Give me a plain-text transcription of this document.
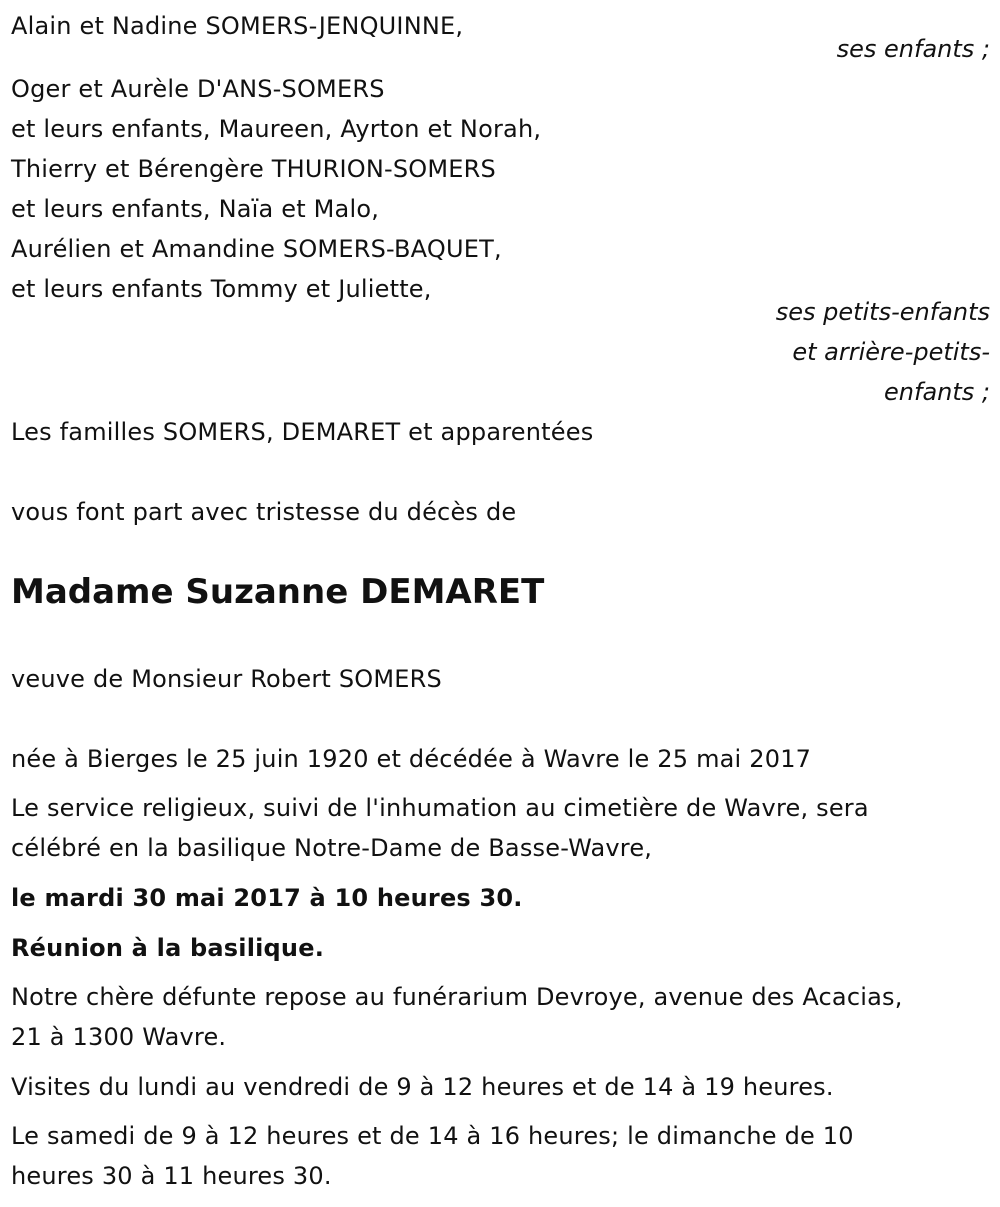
Alain et Nadine SOMERS-JENQUINNE,
ses enfants ;
Oger et Aurèle D'ANS-SOMERS
et leurs enfants, Maureen, Ayrton et Norah,
Thierry et Bérengère THURION-SOMERS
et leurs enfants, Naïa et Malo,
Aurélien et Amandine SOMERS-BAQUET,
et leurs enfants Tommy et Juliette,
ses petits-enfants
et arrière-petits-
enfants ;
Les familles SOMERS, DEMARET et apparentées
vous font part avec tristesse du décès de
Madame Suzanne DEMARET
veuve de Monsieur Robert SOMERS
née à Bierges le 25 juin 1920 et décédée à Wavre le 25 mai 2017
Le service religieux, suivi de l'inhumation au cimetière de Wavre, sera
célébré en la basilique Notre-Dame de Basse-Wavre,
le mardi 30 mai 2017 à 10 heures 30.
Réunion à la basilique.
Notre chère défunte repose au funérarium Devroye, avenue des Acacias,
21 à 1300 Wavre.
Visites du lundi au vendredi de 9 à 12 heures et de 14 à 19 heures.
Le samedi de 9 à 12 heures et de 14 à 16 heures; le dimanche de 10
heures 30 à 11 heures 30.
